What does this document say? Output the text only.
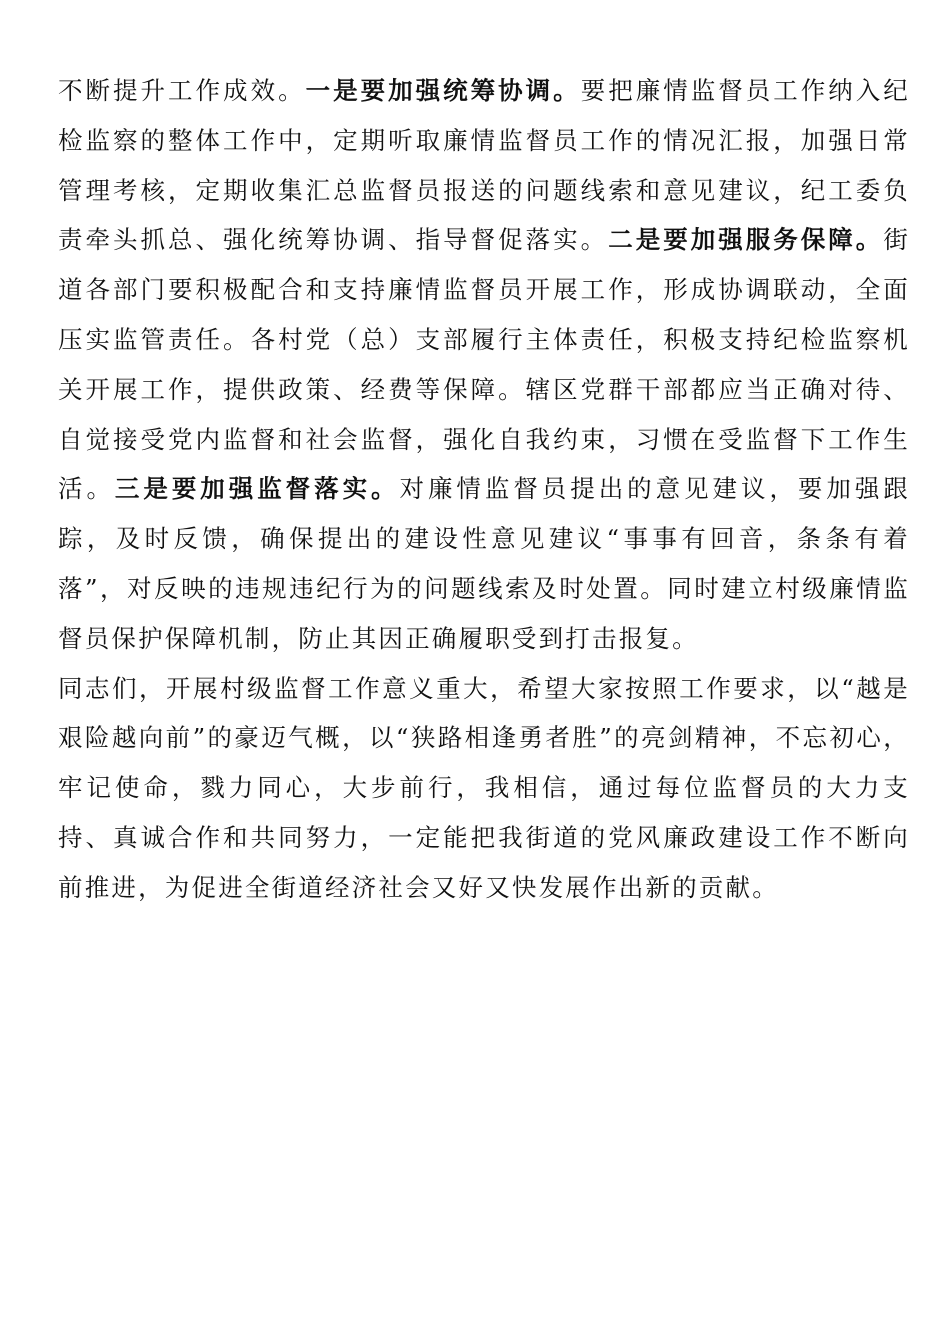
不断提升工作成效。一是要加强统筹协调。要把廉情监督员工作纳入纪检监察的整体工作中，定期听取廉情监督员工作的情况汇报，加强日常管理考核，定期收集汇总监督员报送的问题线索和意见建议，纪工委负责牵头抓总、强化统筹协调、指导督促落实。二是要加强服务保障。街道各部门要积极配合和支持廉情监督员开展工作，形成协调联动，全面压实监管责任。各村党（总）支部履行主体责任，积极支持纪检监察机关开展工作，提供政策、经费等保障。辖区党群干部都应当正确对待、自觉接受党内监督和社会监督，强化自我约束，习惯在受监督下工作生活。三是要加强监督落实。对廉情监督员提出的意见建议，要加强跟踪，及时反馈，确保提出的建设性意见建议“事事有回音，条条有着落”，对反映的违规违纪行为的问题线索及时处置。同时建立村级廉情监督员保护保障机制，防止其因正确履职受到打击报复。

同志们，开展村级监督工作意义重大，希望大家按照工作要求，以“越是艰险越向前”的豪迈气概，以“狭路相逢勇者胜”的亮剑精神，不忘初心，牢记使命，戮力同心，大步前行，我相信，通过每位监督员的大力支持、真诚合作和共同努力，一定能把我街道的党风廉政建设工作不断向前推进，为促进全街道经济社会又好又快发展作出新的贡献。
